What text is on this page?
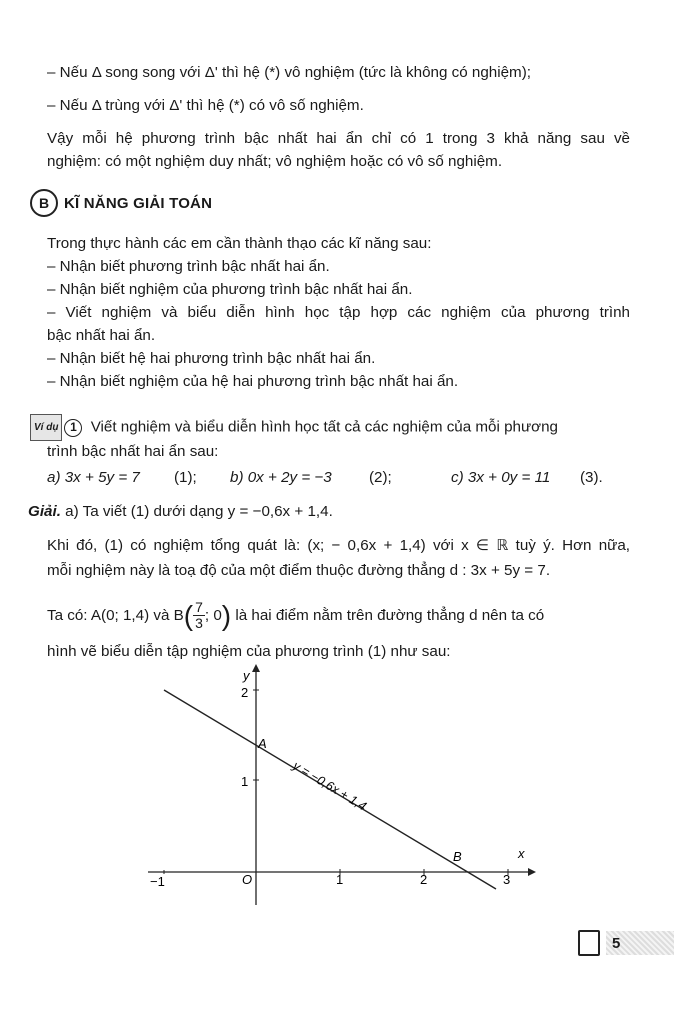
– Nếu Δ song song với Δ' thì hệ (*) vô nghiệm (tức là không có nghiệm);
– Nếu Δ trùng với Δ' thì hệ (*) có vô số nghiệm.
Vậy mỗi hệ phương trình bậc nhất hai ẩn chỉ có 1 trong 3 khả năng sau về
nghiệm: có một nghiệm duy nhất; vô nghiệm hoặc có vô số nghiệm.
B KĨ NĂNG GIẢI TOÁN
Trong thực hành các em cần thành thạo các kĩ năng sau:
– Nhận biết phương trình bậc nhất hai ẩn.
– Nhận biết nghiệm của phương trình bậc nhất hai ẩn.
– Viết nghiệm và biểu diễn hình học tập hợp các nghiệm của phương trình
bậc nhất hai ẩn.
– Nhận biết hệ hai phương trình bậc nhất hai ẩn.
– Nhận biết nghiệm của hệ hai phương trình bậc nhất hai ẩn.
Ví dụ 1 Viết nghiệm và biểu diễn hình học tất cả các nghiệm của mỗi phương
trình bậc nhất hai ẩn sau:
a) 3x + 5y = 7 (1); b) 0x + 2y = −3 (2);	c) 3x + 0y = 11 (3).
Giải. a) Ta viết (1) dưới dạng y = −0,6x + 1,4.
Khi đó, (1) có nghiệm tổng quát là: (x; − 0,6x + 1,4) với x ∈ ℝ tuỳ ý. Hơn nữa,
mỗi nghiệm này là toạ độ của một điểm thuộc đường thẳng d : 3x + 5y = 7.
Ta có: A(0; 1,4) và $B( \frac{7}{3}$ ; 0) là hai điểm nằm trên đường thẳng d nên ta có
hình vẽ biểu diễn tập nghiệm của phương trình (1) như sau:
−1	1	2	3
1
2
O
x
y
A
B
y = −0,6x + 1,4
5
